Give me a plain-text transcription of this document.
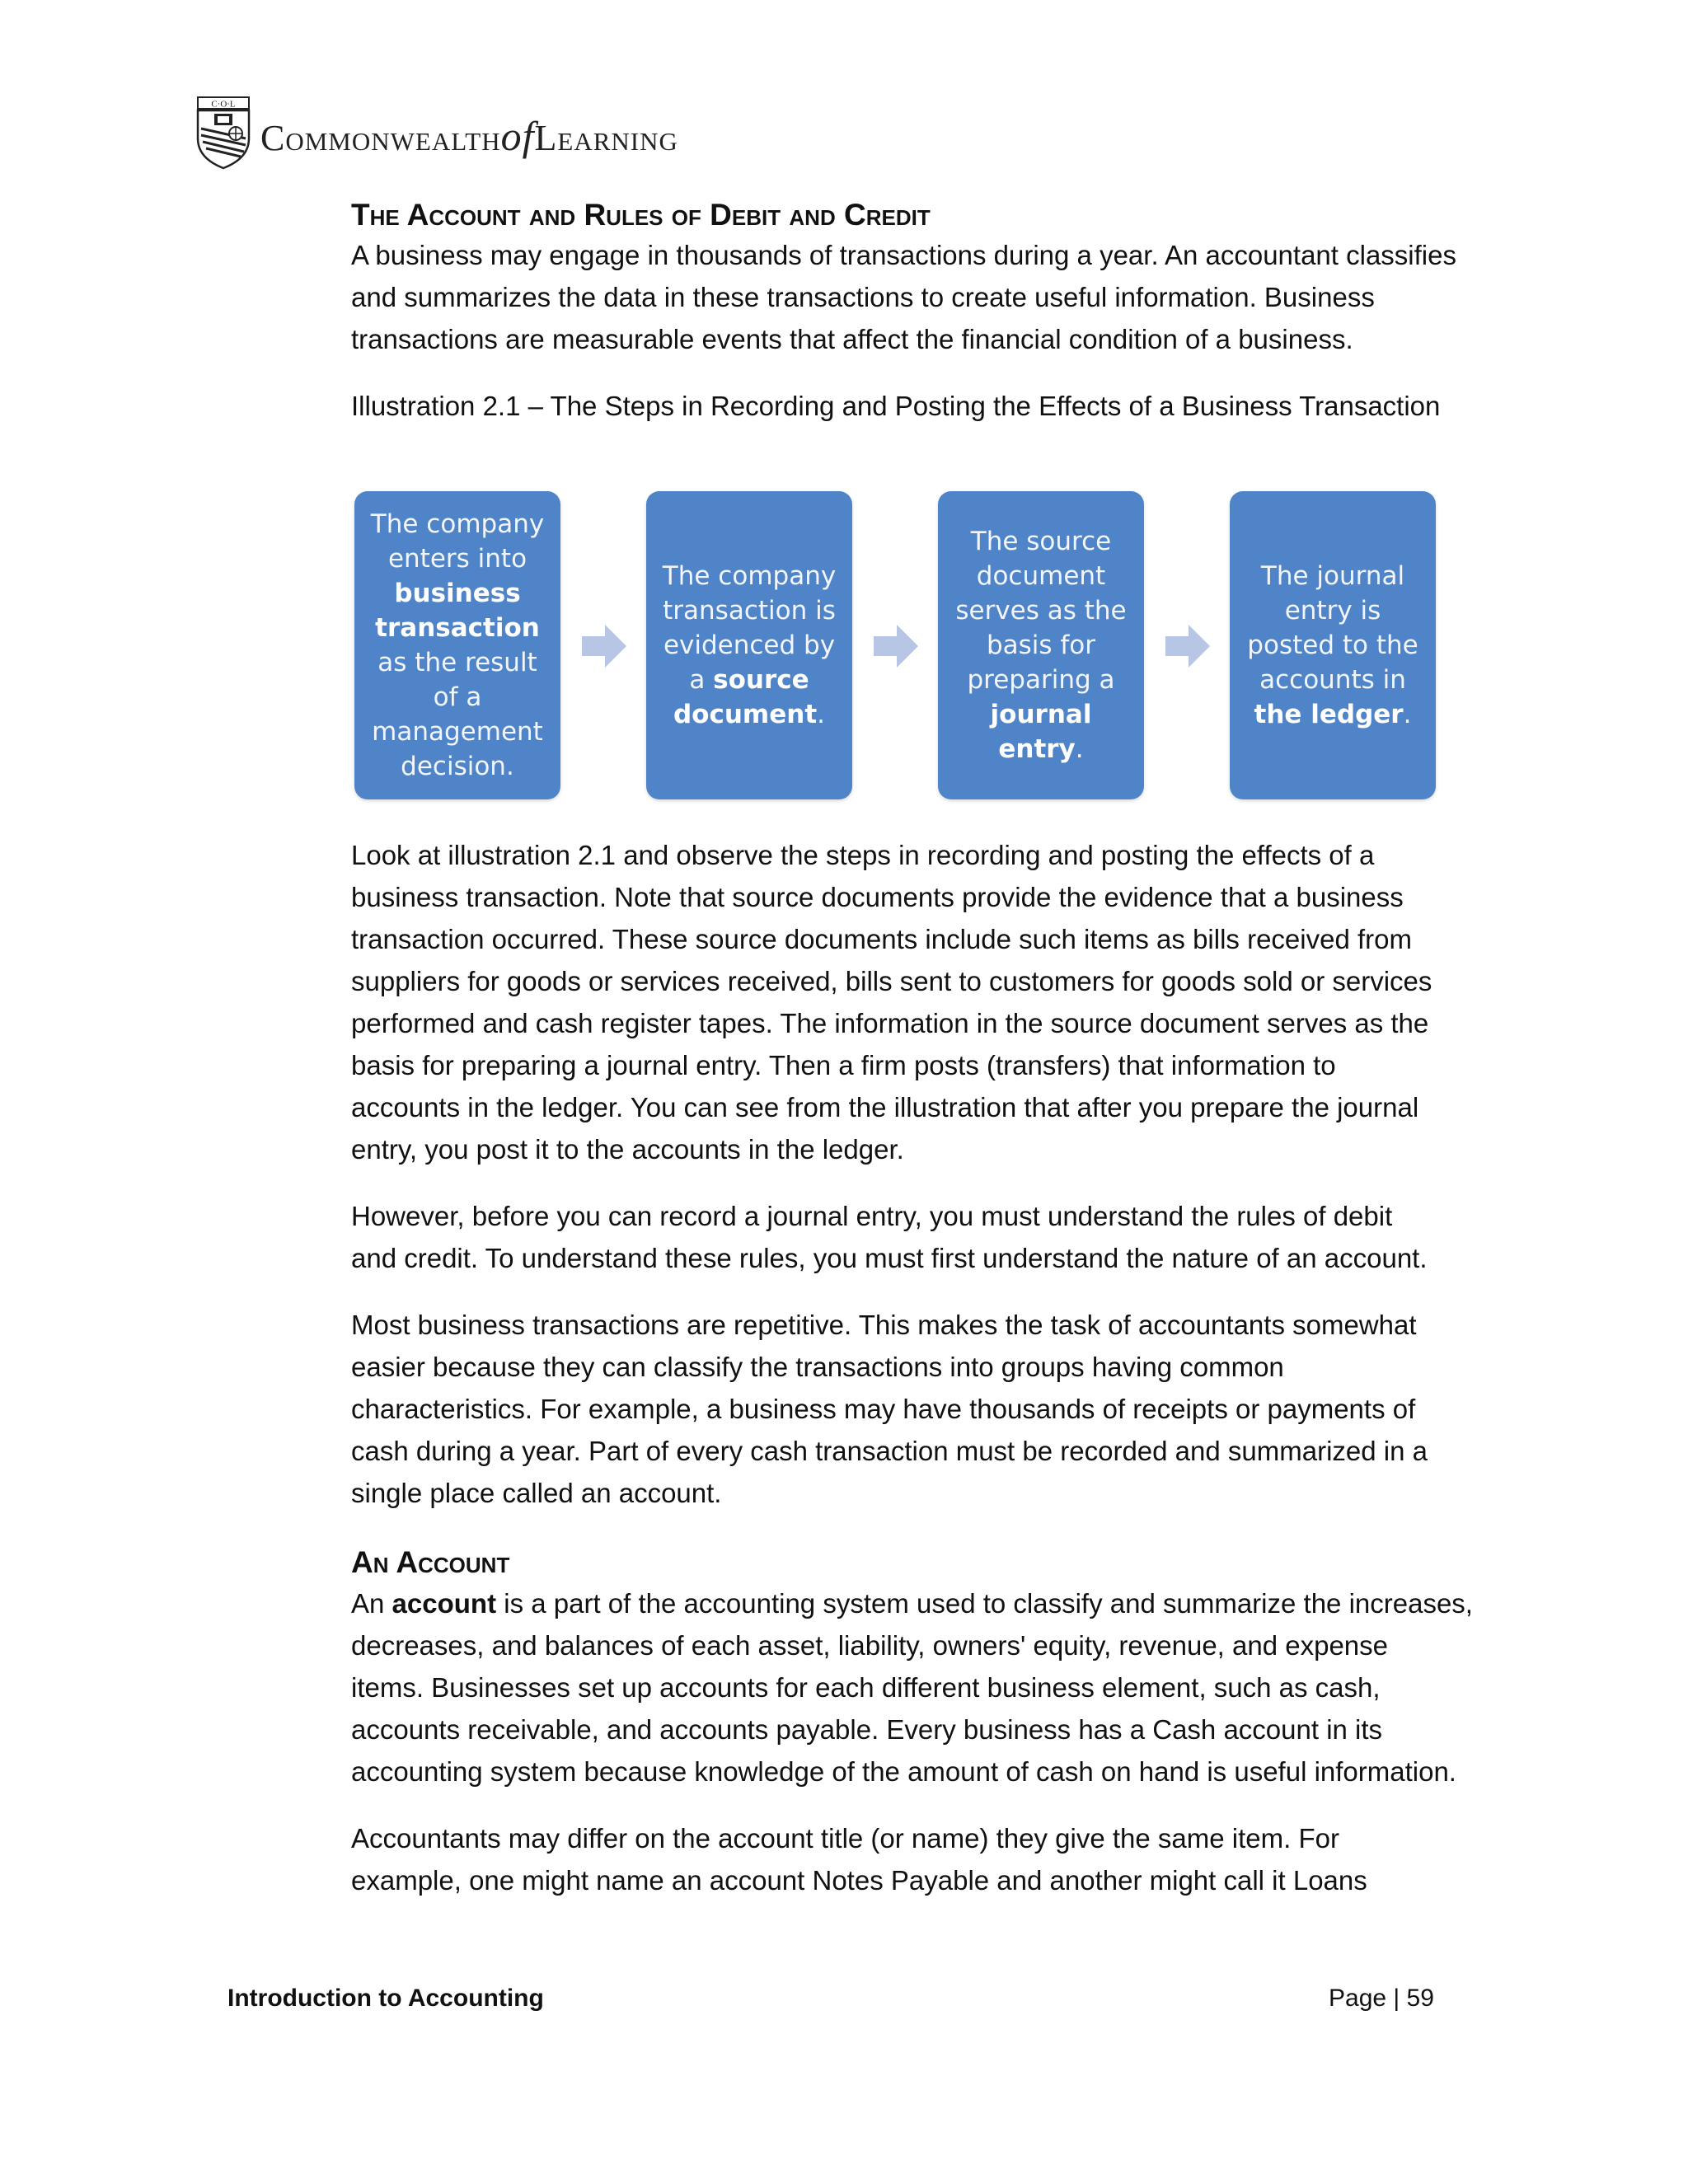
C·O·L
CommonwealthofLearning
The Account and Rules of Debit and Credit

A business may engage in thousands of transactions during a year. An accountant classifies

and summarizes the data in these transactions to create useful information. Business

transactions are measurable events that affect the financial condition of a business.

Illustration 2.1 – The Steps in Recording and Posting the Effects of a Business Transaction

Look at illustration 2.1 and observe the steps in recording and posting the effects of a

business transaction. Note that source documents provide the evidence that a business

transaction occurred. These source documents include such items as bills received from

suppliers for goods or services received, bills sent to customers for goods sold or services

performed and cash register tapes. The information in the source document serves as the

basis for preparing a journal entry. Then a firm posts (transfers) that information to

accounts in the ledger. You can see from the illustration that after you prepare the journal

entry, you post it to the accounts in the ledger.

However, before you can record a journal entry, you must understand the rules of debit

and credit. To understand these rules, you must first understand the nature of an account.

Most business transactions are repetitive. This makes the task of accountants somewhat

easier because they can classify the transactions into groups having common

characteristics. For example, a business may have thousands of receipts or payments of

cash during a year. Part of every cash transaction must be recorded and summarized in a

single place called an account.

An Account

An account is a part of the accounting system used to classify and summarize the increases,

decreases, and balances of each asset, liability, owners' equity, revenue, and expense

items. Businesses set up accounts for each different business element, such as cash,

accounts receivable, and accounts payable. Every business has a Cash account in its

accounting system because knowledge of the amount of cash on hand is useful information.

Accountants may differ on the account title (or name) they give the same item. For

example, one might name an account Notes Payable and another might call it Loans

The company enters into business transaction as the result of a management decision.
The company transaction is evidenced by a source document.
The source document serves as the basis for preparing a journal entry.
The journal entry is posted to the accounts in the ledger.
Introduction to Accounting	Page | 59
